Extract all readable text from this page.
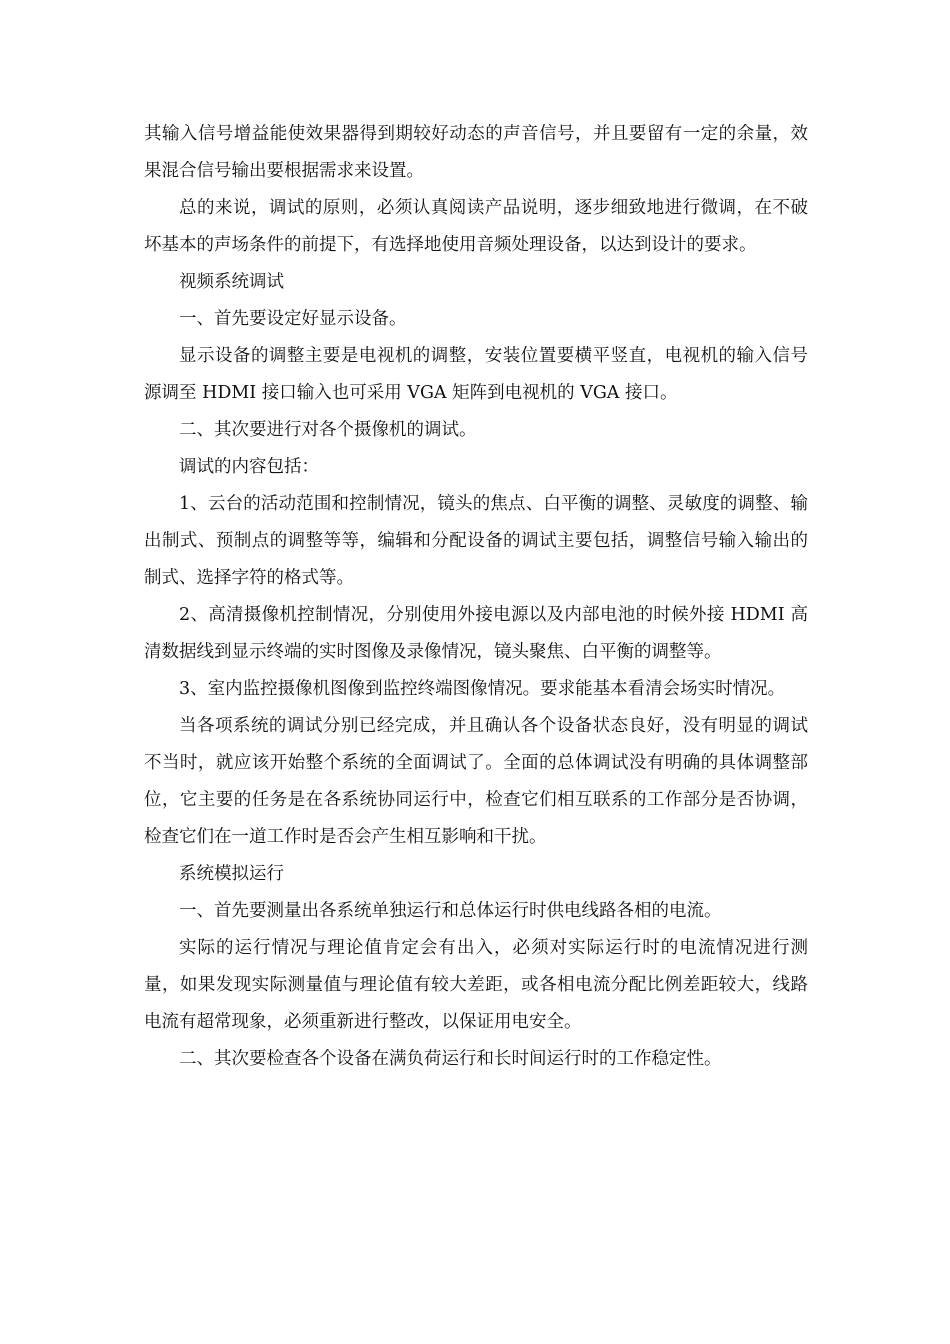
其输入信号增益能使效果器得到期较好动态的声音信号，并且要留有一定的余量，效果混合信号输出要根据需求来设置。

总的来说，调试的原则，必须认真阅读产品说明，逐步细致地进行微调，在不破坏基本的声场条件的前提下，有选择地使用音频处理设备，以达到设计的要求。

视频系统调试

一、首先要设定好显示设备。

显示设备的调整主要是电视机的调整，安装位置要横平竖直，电视机的输入信号源调至 HDMI 接口输入也可采用 VGA 矩阵到电视机的 VGA 接口。

二、其次要进行对各个摄像机的调试。

调试的内容包括：

1、云台的活动范围和控制情况，镜头的焦点、白平衡的调整、灵敏度的调整、输出制式、预制点的调整等等，编辑和分配设备的调试主要包括，调整信号输入输出的制式、选择字符的格式等。

2、高清摄像机控制情况，分别使用外接电源以及内部电池的时候外接 HDMI 高清数据线到显示终端的实时图像及录像情况，镜头聚焦、白平衡的调整等。

3、室内监控摄像机图像到监控终端图像情况。要求能基本看清会场实时情况。

当各项系统的调试分别已经完成，并且确认各个设备状态良好，没有明显的调试不当时，就应该开始整个系统的全面调试了。全面的总体调试没有明确的具体调整部位，它主要的任务是在各系统协同运行中，检查它们相互联系的工作部分是否协调，检查它们在一道工作时是否会产生相互影响和干扰。

系统模拟运行

一、首先要测量出各系统单独运行和总体运行时供电线路各相的电流。

实际的运行情况与理论值肯定会有出入，必须对实际运行时的电流情况进行测量，如果发现实际测量值与理论值有较大差距，或各相电流分配比例差距较大，线路电流有超常现象，必须重新进行整改，以保证用电安全。

二、其次要检查各个设备在满负荷运行和长时间运行时的工作稳定性。
